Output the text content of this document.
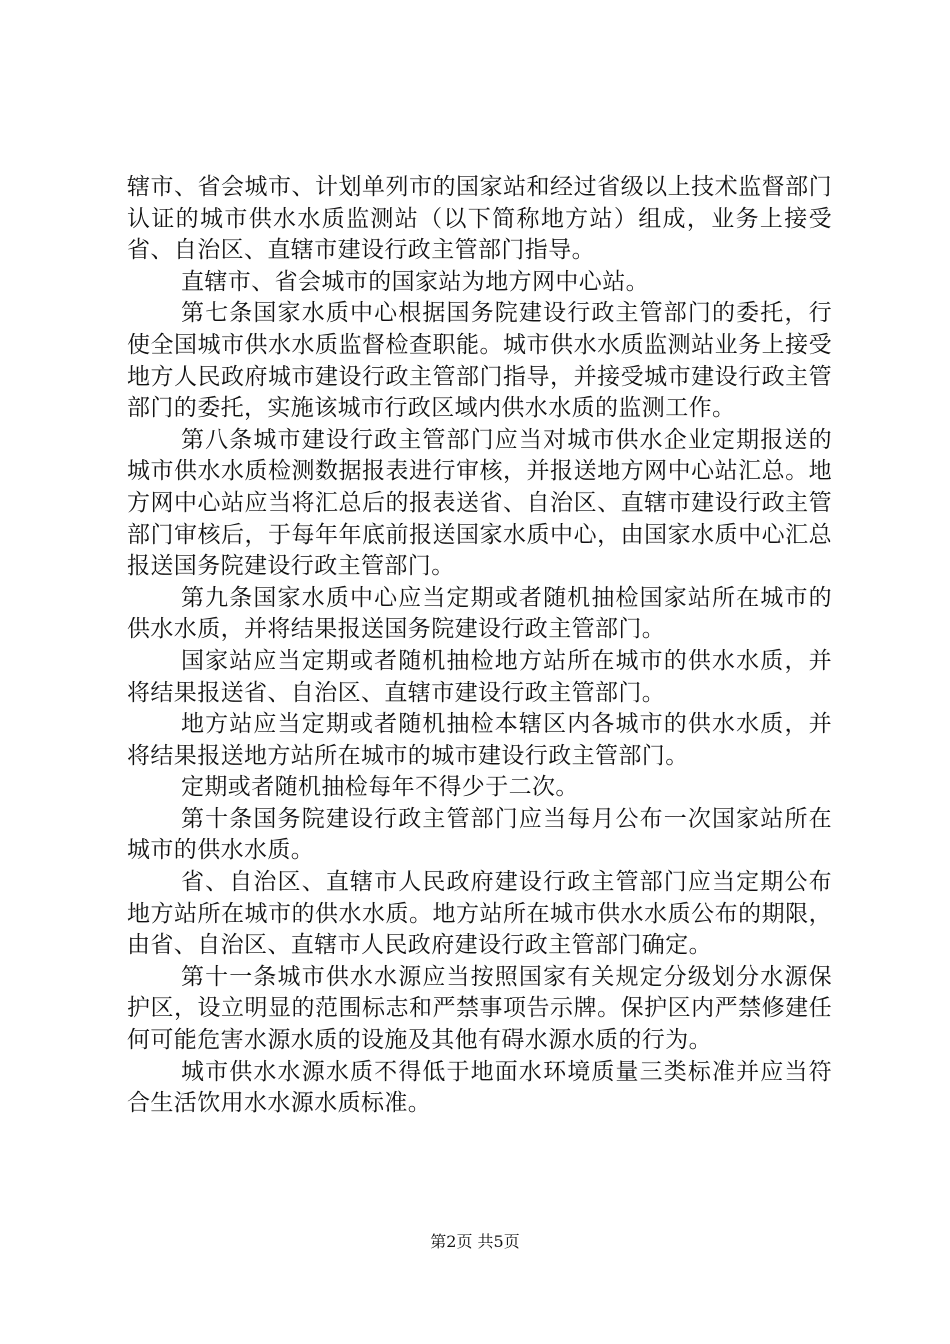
辖市、省会城市、计划单列市的国家站和经过省级以上技术监督部门认证的城市供水水质监测站（以下简称地方站）组成，业务上接受省、自治区、直辖市建设行政主管部门指导。

直辖市、省会城市的国家站为地方网中心站。

第七条国家水质中心根据国务院建设行政主管部门的委托，行使全国城市供水水质监督检查职能。城市供水水质监测站业务上接受地方人民政府城市建设行政主管部门指导，并接受城市建设行政主管部门的委托，实施该城市行政区域内供水水质的监测工作。

第八条城市建设行政主管部门应当对城市供水企业定期报送的城市供水水质检测数据报表进行审核，并报送地方网中心站汇总。地方网中心站应当将汇总后的报表送省、自治区、直辖市建设行政主管部门审核后，于每年年底前报送国家水质中心，由国家水质中心汇总报送国务院建设行政主管部门。

第九条国家水质中心应当定期或者随机抽检国家站所在城市的供水水质，并将结果报送国务院建设行政主管部门。

国家站应当定期或者随机抽检地方站所在城市的供水水质，并将结果报送省、自治区、直辖市建设行政主管部门。

地方站应当定期或者随机抽检本辖区内各城市的供水水质，并将结果报送地方站所在城市的城市建设行政主管部门。

定期或者随机抽检每年不得少于二次。

第十条国务院建设行政主管部门应当每月公布一次国家站所在城市的供水水质。

省、自治区、直辖市人民政府建设行政主管部门应当定期公布地方站所在城市的供水水质。地方站所在城市供水水质公布的期限，由省、自治区、直辖市人民政府建设行政主管部门确定。

第十一条城市供水水源应当按照国家有关规定分级划分水源保护区，设立明显的范围标志和严禁事项告示牌。保护区内严禁修建任何可能危害水源水质的设施及其他有碍水源水质的行为。

城市供水水源水质不得低于地面水环境质量三类标准并应当符合生活饮用水水源水质标准。

第2页 共5页
